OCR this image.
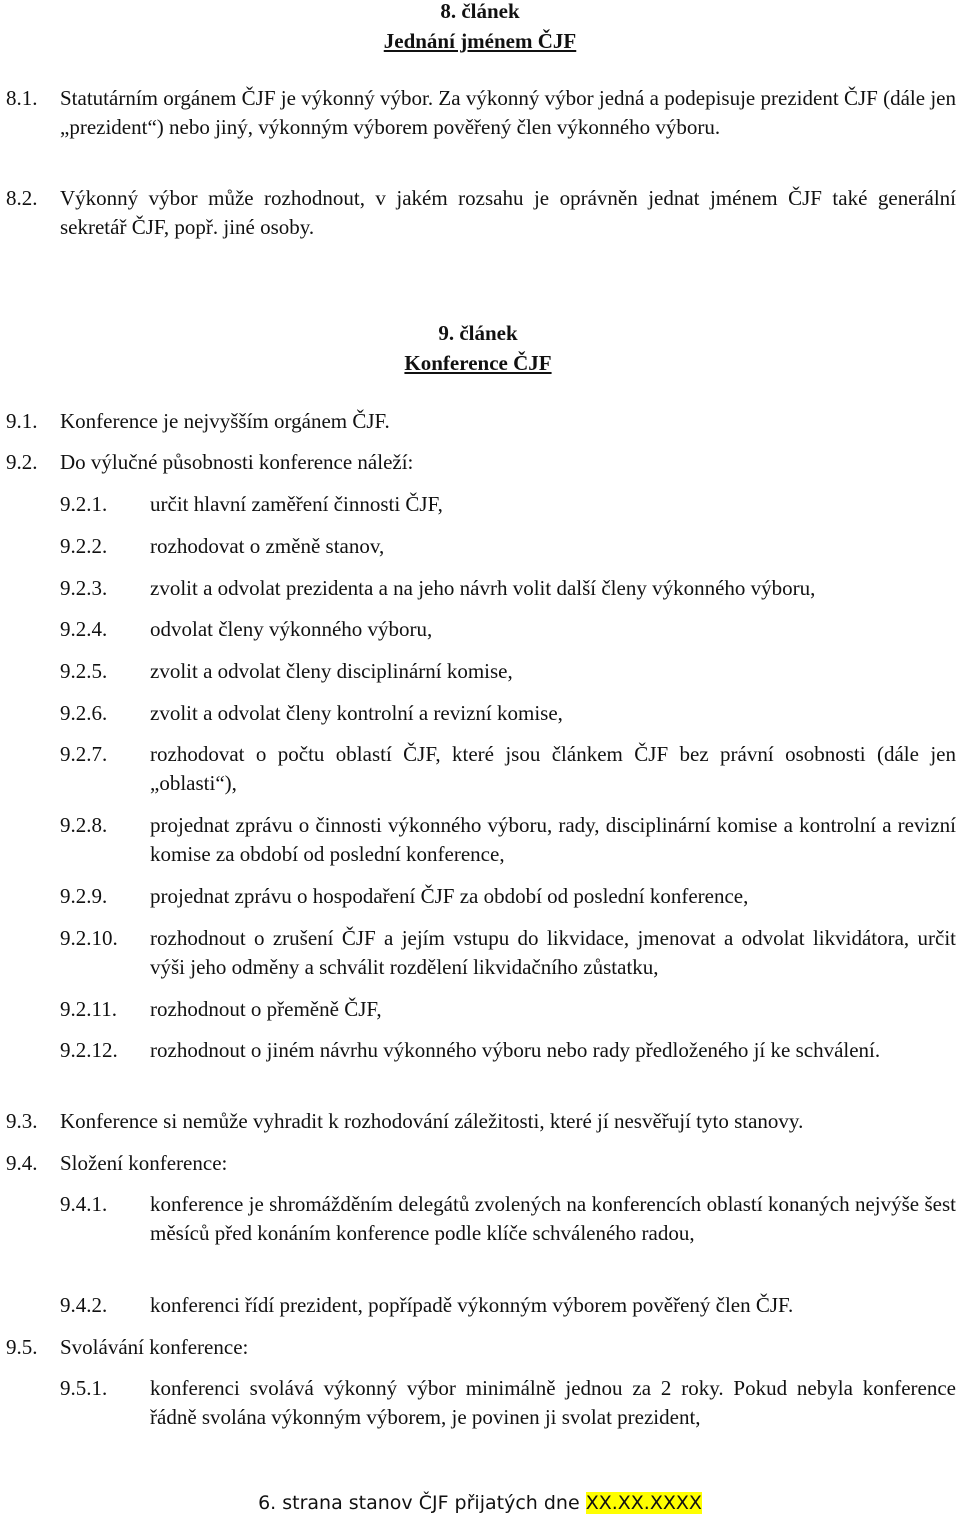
8. článek
Jednání jménem ČJF
8.1. Statutárním orgánem ČJF je výkonný výbor. Za výkonný výbor jedná a podepisuje prezident ČJF (dále jen „prezident“) nebo jiný, výkonným výborem pověřený člen výkonného výboru.
8.2. Výkonný výbor může rozhodnout, v jakém rozsahu je oprávněn jednat jménem ČJF také generální sekretář ČJF, popř. jiné osoby.
9. článek
Konference ČJF
9.1. Konference je nejvyšším orgánem ČJF.
9.2. Do výlučné působnosti konference náleží:
9.2.1. určit hlavní zaměření činnosti ČJF,
9.2.2. rozhodovat o změně stanov,
9.2.3. zvolit a odvolat prezidenta a na jeho návrh volit další členy výkonného výboru,
9.2.4. odvolat členy výkonného výboru,
9.2.5. zvolit a odvolat členy disciplinární komise,
9.2.6. zvolit a odvolat členy kontrolní a revizní komise,
9.2.7. rozhodovat o počtu oblastí ČJF, které jsou článkem ČJF bez právní osobnosti (dále jen „oblasti“),
9.2.8. projednat zprávu o činnosti výkonného výboru, rady, disciplinární komise a kontrolní a revizní komise za období od poslední konference,
9.2.9. projednat zprávu o hospodaření ČJF za období od poslední konference,
9.2.10. rozhodnout o zrušení ČJF a jejím vstupu do likvidace, jmenovat a odvolat likvidátora, určit výši jeho odměny a schválit rozdělení likvidačního zůstatku,
9.2.11. rozhodnout o přeměně ČJF,
9.2.12. rozhodnout o jiném návrhu výkonného výboru nebo rady předloženého jí ke schválení.
9.3. Konference si nemůže vyhradit k rozhodování záležitosti, které jí nesvěřují tyto stanovy.
9.4. Složení konference:
9.4.1. konference je shromážděním delegátů zvolených na konferencích oblastí konaných nejvýše šest měsíců před konáním konference podle klíče schváleného radou,
9.4.2. konferenci řídí prezident, popřípadě výkonným výborem pověřený člen ČJF.
9.5. Svolávání konference:
9.5.1. konferenci svolává výkonný výbor minimálně jednou za 2 roky. Pokud nebyla konference řádně svolána výkonným výborem, je povinen ji svolat prezident,
6. strana stanov ČJF přijatých dne XX.XX.XXXX
